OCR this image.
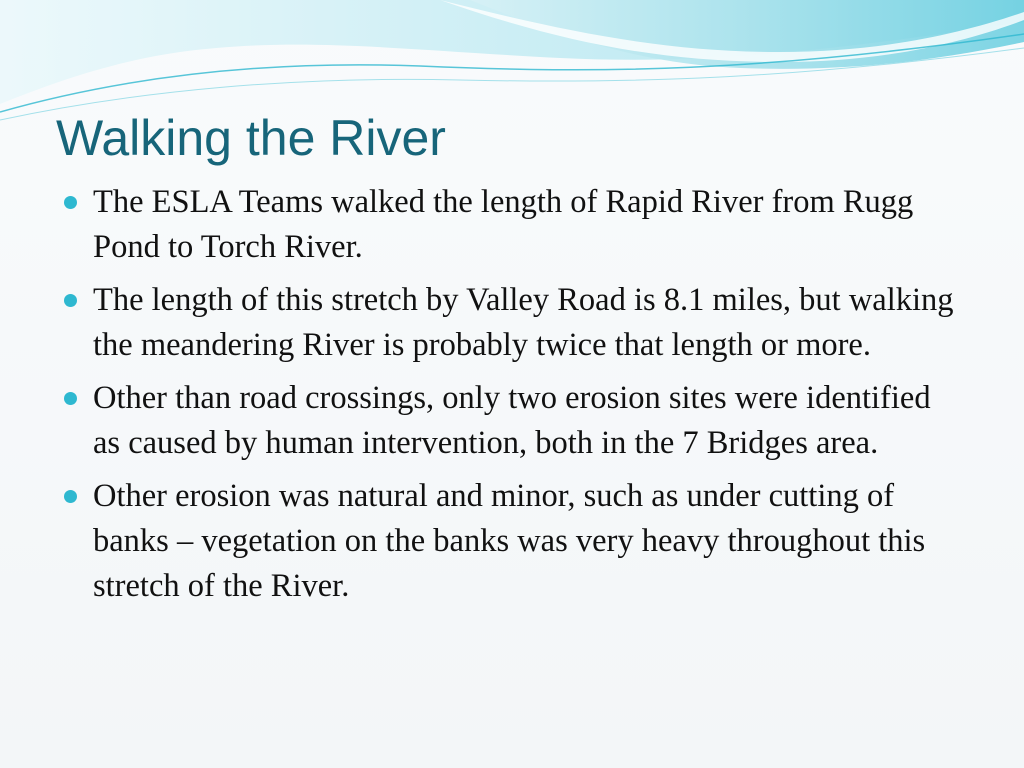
Walking the River
The ESLA Teams walked the length of Rapid River from Rugg Pond to Torch River.
The length of this stretch by Valley Road is 8.1 miles, but walking the meandering River is probably twice that length or more.
Other than road crossings, only two erosion sites were identified as caused by human intervention, both in the 7 Bridges area.
Other erosion was natural and minor, such as under cutting of banks – vegetation on the banks was very heavy throughout this stretch of the River.
